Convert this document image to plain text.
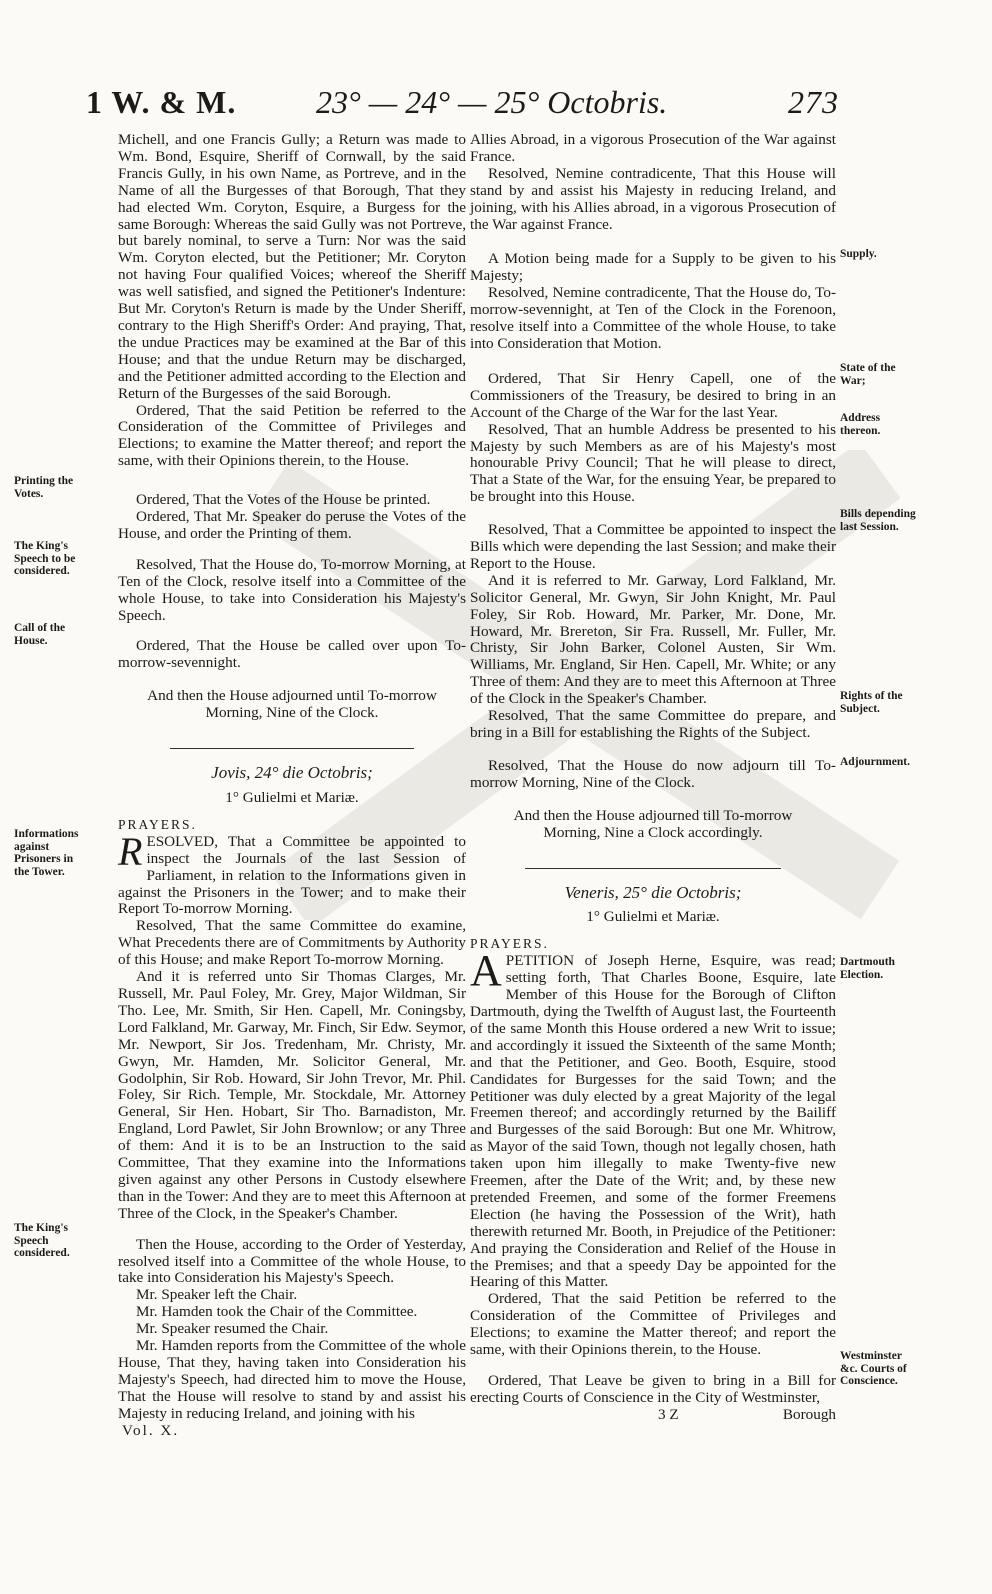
1 W. & M. 23° — 24° — 25° Octobris.	273

Michell, and one Francis Gully; a Return was made to Wm. Bond, Esquire, Sheriff of Cornwall, by the said Francis Gully, in his own Name, as Portreve, and in the Name of all the Burgesses of that Borough, That they had elected Wm. Coryton, Esquire, a Burgess for the same Borough: Whereas the said Gully was not Portreve, but barely nominal, to serve a Turn: Nor was the said Wm. Coryton elected, but the Petitioner; Mr. Coryton not having Four qualified Voices; whereof the Sheriff was well satisfied, and signed the Petitioner's Indenture: But Mr. Coryton's Return is made by the Under Sheriff, contrary to the High Sheriff's Order: And praying, That, the undue Practices may be examined at the Bar of this House; and that the undue Return may be discharged, and the Petitioner admitted according to the Election and Return of the Burgesses of the said Borough.

Ordered, That the said Petition be referred to the Consideration of the Committee of Privileges and Elections; to examine the Matter thereof; and report the same, with their Opinions therein, to the House.

Ordered, That the Votes of the House be printed.

Ordered, That Mr. Speaker do peruse the Votes of the House, and order the Printing of them.

Resolved, That the House do, To-morrow Morning, at Ten of the Clock, resolve itself into a Committee of the whole House, to take into Consideration his Majesty's Speech.

Ordered, That the House be called over upon To-morrow-sevennight.

And then the House adjourned until To-morrow Morning, Nine of the Clock.

Jovis, 24° die Octobris;

1° Gulielmi et Mariæ.

PRAYERS.

RESOLVED, That a Committee be appointed to inspect the Journals of the last Session of Parliament, in relation to the Informations given in against the Prisoners in the Tower; and to make their Report To-morrow Morning.

Resolved, That the same Committee do examine, What Precedents there are of Commitments by Authority of this House; and make Report To-morrow Morning.

And it is referred unto Sir Thomas Clarges, Mr. Russell, Mr. Paul Foley, Mr. Grey, Major Wildman, Sir Tho. Lee, Mr. Smith, Sir Hen. Capell, Mr. Coningsby, Lord Falkland, Mr. Garway, Mr. Finch, Sir Edw. Seymor, Mr. Newport, Sir Jos. Tredenham, Mr. Christy, Mr. Gwyn, Mr. Hamden, Mr. Solicitor General, Mr. Godolphin, Sir Rob. Howard, Sir John Trevor, Mr. Phil. Foley, Sir Rich. Temple, Mr. Stockdale, Mr. Attorney General, Sir Hen. Hobart, Sir Tho. Barnadiston, Mr. England, Lord Pawlet, Sir John Brownlow; or any Three of them: And it is to be an Instruction to the said Committee, That they examine into the Informations given against any other Persons in Custody elsewhere than in the Tower: And they are to meet this Afternoon at Three of the Clock, in the Speaker's Chamber.

Then the House, according to the Order of Yesterday, resolved itself into a Committee of the whole House, to take into Consideration his Majesty's Speech.

Mr. Speaker left the Chair.

Mr. Hamden took the Chair of the Committee.

Mr. Speaker resumed the Chair.

Mr. Hamden reports from the Committee of the whole House, That they, having taken into Consideration his Majesty's Speech, had directed him to move the House, That the House will resolve to stand by and assist his Majesty in reducing Ireland, and joining with his

Vol. X.

Allies Abroad, in a vigorous Prosecution of the War against France.

Resolved, Nemine contradicente, That this House will stand by and assist his Majesty in reducing Ireland, and joining, with his Allies abroad, in a vigorous Prosecution of the War against France.

A Motion being made for a Supply to be given to his Majesty;

Resolved, Nemine contradicente, That the House do, To-morrow-sevennight, at Ten of the Clock in the Forenoon, resolve itself into a Committee of the whole House, to take into Consideration that Motion.

Ordered, That Sir Henry Capell, one of the Commissioners of the Treasury, be desired to bring in an Account of the Charge of the War for the last Year.

Resolved, That an humble Address be presented to his Majesty by such Members as are of his Majesty's most honourable Privy Council; That he will please to direct, That a State of the War, for the ensuing Year, be prepared to be brought into this House.

Resolved, That a Committee be appointed to inspect the Bills which were depending the last Session; and make their Report to the House.

And it is referred to Mr. Garway, Lord Falkland, Mr. Solicitor General, Mr. Gwyn, Sir John Knight, Mr. Paul Foley, Sir Rob. Howard, Mr. Parker, Mr. Done, Mr. Howard, Mr. Brereton, Sir Fra. Russell, Mr. Fuller, Mr. Christy, Sir John Barker, Colonel Austen, Sir Wm. Williams, Mr. England, Sir Hen. Capell, Mr. White; or any Three of them: And they are to meet this Afternoon at Three of the Clock in the Speaker's Chamber.

Resolved, That the same Committee do prepare, and bring in a Bill for establishing the Rights of the Subject.

Resolved, That the House do now adjourn till To-morrow Morning, Nine of the Clock.

And then the House adjourned till To-morrow Morning, Nine a Clock accordingly.

Veneris, 25° die Octobris;

1° Gulielmi et Mariæ.

PRAYERS.

APETITION of Joseph Herne, Esquire, was read; setting forth, That Charles Boone, Esquire, late Member of this House for the Borough of Clifton Dartmouth, dying the Twelfth of August last, the Fourteenth of the same Month this House ordered a new Writ to issue; and accordingly it issued the Sixteenth of the same Month; and that the Petitioner, and Geo. Booth, Esquire, stood Candidates for Burgesses for the said Town; and the Petitioner was duly elected by a great Majority of the legal Freemen thereof; and accordingly returned by the Bailiff and Burgesses of the said Borough: But one Mr. Whitrow, as Mayor of the said Town, though not legally chosen, hath taken upon him illegally to make Twenty-five new Freemen, after the Date of the Writ; and, by these new pretended Freemen, and some of the former Freemens Election (he having the Possession of the Writ), hath therewith returned Mr. Booth, in Prejudice of the Petitioner: And praying the Consideration and Relief of the House in the Premises; and that a speedy Day be appointed for the Hearing of this Matter.

Ordered, That the said Petition be referred to the Consideration of the Committee of Privileges and Elections; to examine the Matter thereof; and report the same, with their Opinions therein, to the House.

Ordered, That Leave be given to bring in a Bill for erecting Courts of Conscience in the City of Westminster,

3 Z	Borough

Printing the Votes.
The King's Speech to be considered.
Call of the House.
Informations against Prisoners in the Tower.
The King's Speech considered.
Supply.
State of the War;
Address thereon.
Bills depending last Session.
Rights of the Subject.
Adjournment.
Dartmouth Election.
Westminster &c. Courts of Conscience.
